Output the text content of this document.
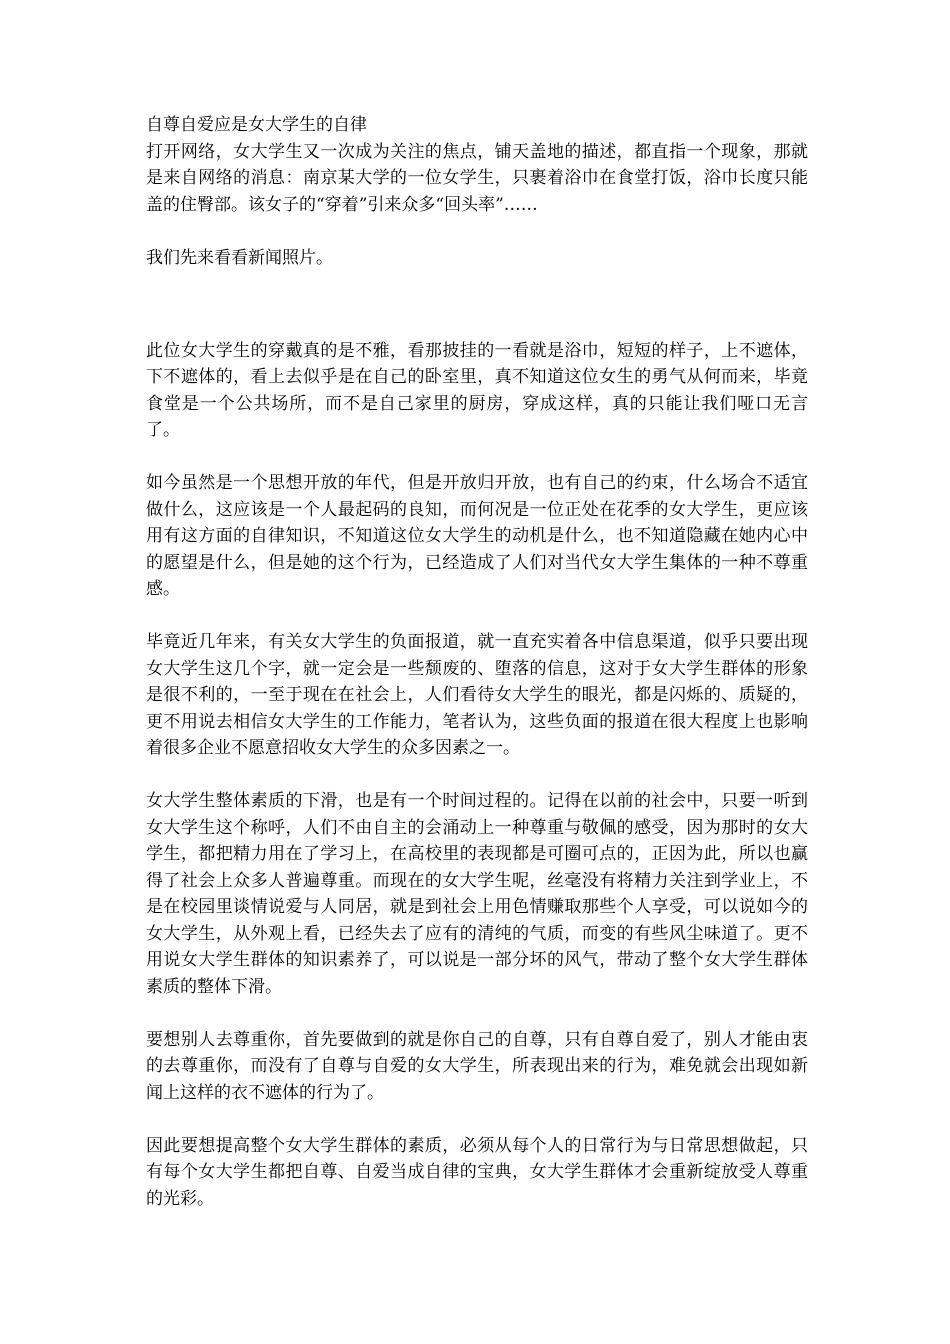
自尊自爱应是女大学生的自律

打开网络，女大学生又一次成为关注的焦点，铺天盖地的描述，都直指一个现象，那就是来自网络的消息：南京某大学的一位女学生，只裹着浴巾在食堂打饭，浴巾长度只能盖的住臀部。该女子的“穿着”引来众多“回头率”……

我们先来看看新闻照片。

此位女大学生的穿戴真的是不雅，看那披挂的一看就是浴巾，短短的样子，上不遮体，下不遮体的，看上去似乎是在自己的卧室里，真不知道这位女生的勇气从何而来，毕竟食堂是一个公共场所，而不是自己家里的厨房，穿成这样，真的只能让我们哑口无言了。

如今虽然是一个思想开放的年代，但是开放归开放，也有自己的约束，什么场合不适宜做什么，这应该是一个人最起码的良知，而何况是一位正处在花季的女大学生，更应该用有这方面的自律知识，不知道这位女大学生的动机是什么，也不知道隐藏在她内心中的愿望是什么，但是她的这个行为，已经造成了人们对当代女大学生集体的一种不尊重感。

毕竟近几年来，有关女大学生的负面报道，就一直充实着各中信息渠道，似乎只要出现女大学生这几个字，就一定会是一些颓废的、堕落的信息，这对于女大学生群体的形象是很不利的，一至于现在在社会上，人们看待女大学生的眼光，都是闪烁的、质疑的，更不用说去相信女大学生的工作能力，笔者认为，这些负面的报道在很大程度上也影响着很多企业不愿意招收女大学生的众多因素之一。

女大学生整体素质的下滑，也是有一个时间过程的。记得在以前的社会中，只要一听到女大学生这个称呼，人们不由自主的会涌动上一种尊重与敬佩的感受，因为那时的女大学生，都把精力用在了学习上，在高校里的表现都是可圈可点的，正因为此，所以也赢得了社会上众多人普遍尊重。而现在的女大学生呢，丝毫没有将精力关注到学业上，不是在校园里谈情说爱与人同居，就是到社会上用色情赚取那些个人享受，可以说如今的女大学生，从外观上看，已经失去了应有的清纯的气质，而变的有些风尘味道了。更不用说女大学生群体的知识素养了，可以说是一部分坏的风气，带动了整个女大学生群体素质的整体下滑。

要想别人去尊重你，首先要做到的就是你自己的自尊，只有自尊自爱了，别人才能由衷的去尊重你，而没有了自尊与自爱的女大学生，所表现出来的行为，难免就会出现如新闻上这样的衣不遮体的行为了。

因此要想提高整个女大学生群体的素质，必须从每个人的日常行为与日常思想做起，只有每个女大学生都把自尊、自爱当成自律的宝典，女大学生群体才会重新绽放受人尊重的光彩。
